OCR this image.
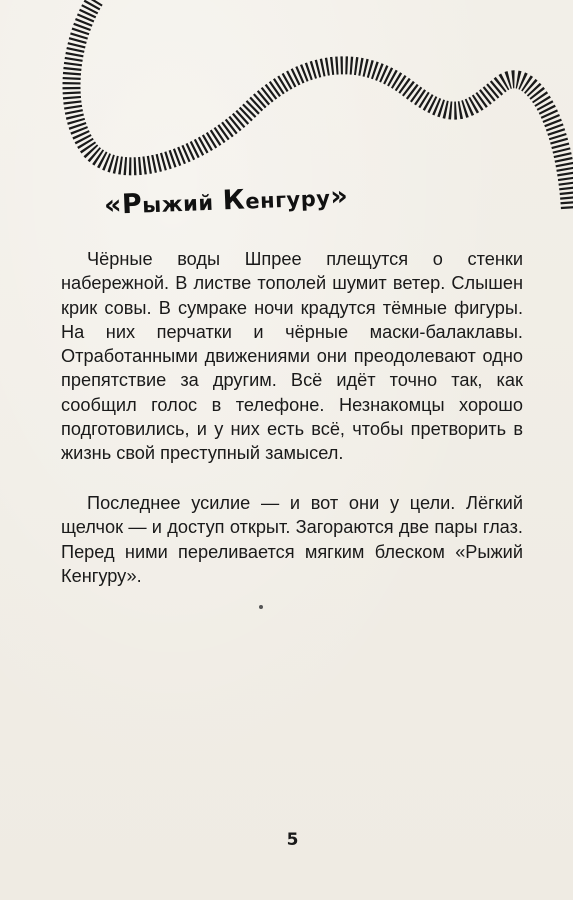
«Рыжий Кенгуру»

Чёрные воды Шпрее плещутся о стенки набережной. В листве тополей шумит ветер. Слышен крик совы. В сумраке ночи крадутся тёмные фигуры. На них перчатки и чёрные маски-балаклавы. Отработанными движениями они преодолевают одно препятствие за другим. Всё идёт точно так, как сообщил голос в телефоне. Незнакомцы хорошо подготовились, и у них есть всё, чтобы претворить в жизнь свой преступный замысел.

Последнее усилие — и вот они у цели. Лёгкий щелчок — и доступ открыт. Загораются две пары глаз. Перед ними переливается мягким блеском «Рыжий Кенгуру».

5
